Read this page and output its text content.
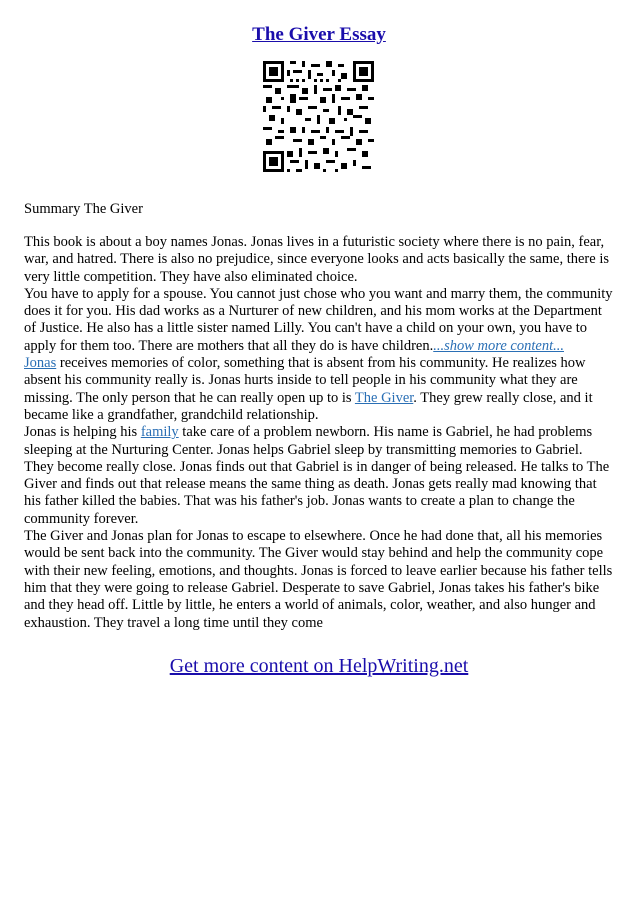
The Giver Essay
Summary The Giver

This book is about a boy names Jonas. Jonas lives in a futuristic society where there is no pain, fear, war, and hatred. There is also no prejudice, since everyone looks and acts basically the same, there is very little competition. They have also eliminated choice.

You have to apply for a spouse. You cannot just chose who you want and marry them, the community does it for you. His dad works as a Nurturer of new children, and his mom works at the Department of Justice. He also has a little sister named Lilly. You can't have a child on your own, you have to apply for them too. There are mothers that all they do is have children....show more content...

Jonas receives memories of color, something that is absent from his community. He realizes how absent his community really is. Jonas hurts inside to tell people in his community what they are missing. The only person that he can really open up to is The Giver. They grew really close, and it became like a grandfather, grandchild relationship.

Jonas is helping his family take care of a problem newborn. His name is Gabriel, he had problems sleeping at the Nurturing Center. Jonas helps Gabriel sleep by transmitting memories to Gabriel. They become really close. Jonas finds out that Gabriel is in danger of being released. He talks to The Giver and finds out that release means the same thing as death. Jonas gets really mad knowing that his father killed the babies. That was his father's job. Jonas wants to create a plan to change the community forever.

The Giver and Jonas plan for Jonas to escape to elsewhere. Once he had done that, all his memories would be sent back into the community. The Giver would stay behind and help the community cope with their new feeling, emotions, and thoughts. Jonas is forced to leave earlier because his father tells him that they were going to release Gabriel. Desperate to save Gabriel, Jonas takes his father's bike and they head off. Little by little, he enters a world of animals, color, weather, and also hunger and exhaustion. They travel a long time until they come

Get more content on HelpWriting.net
